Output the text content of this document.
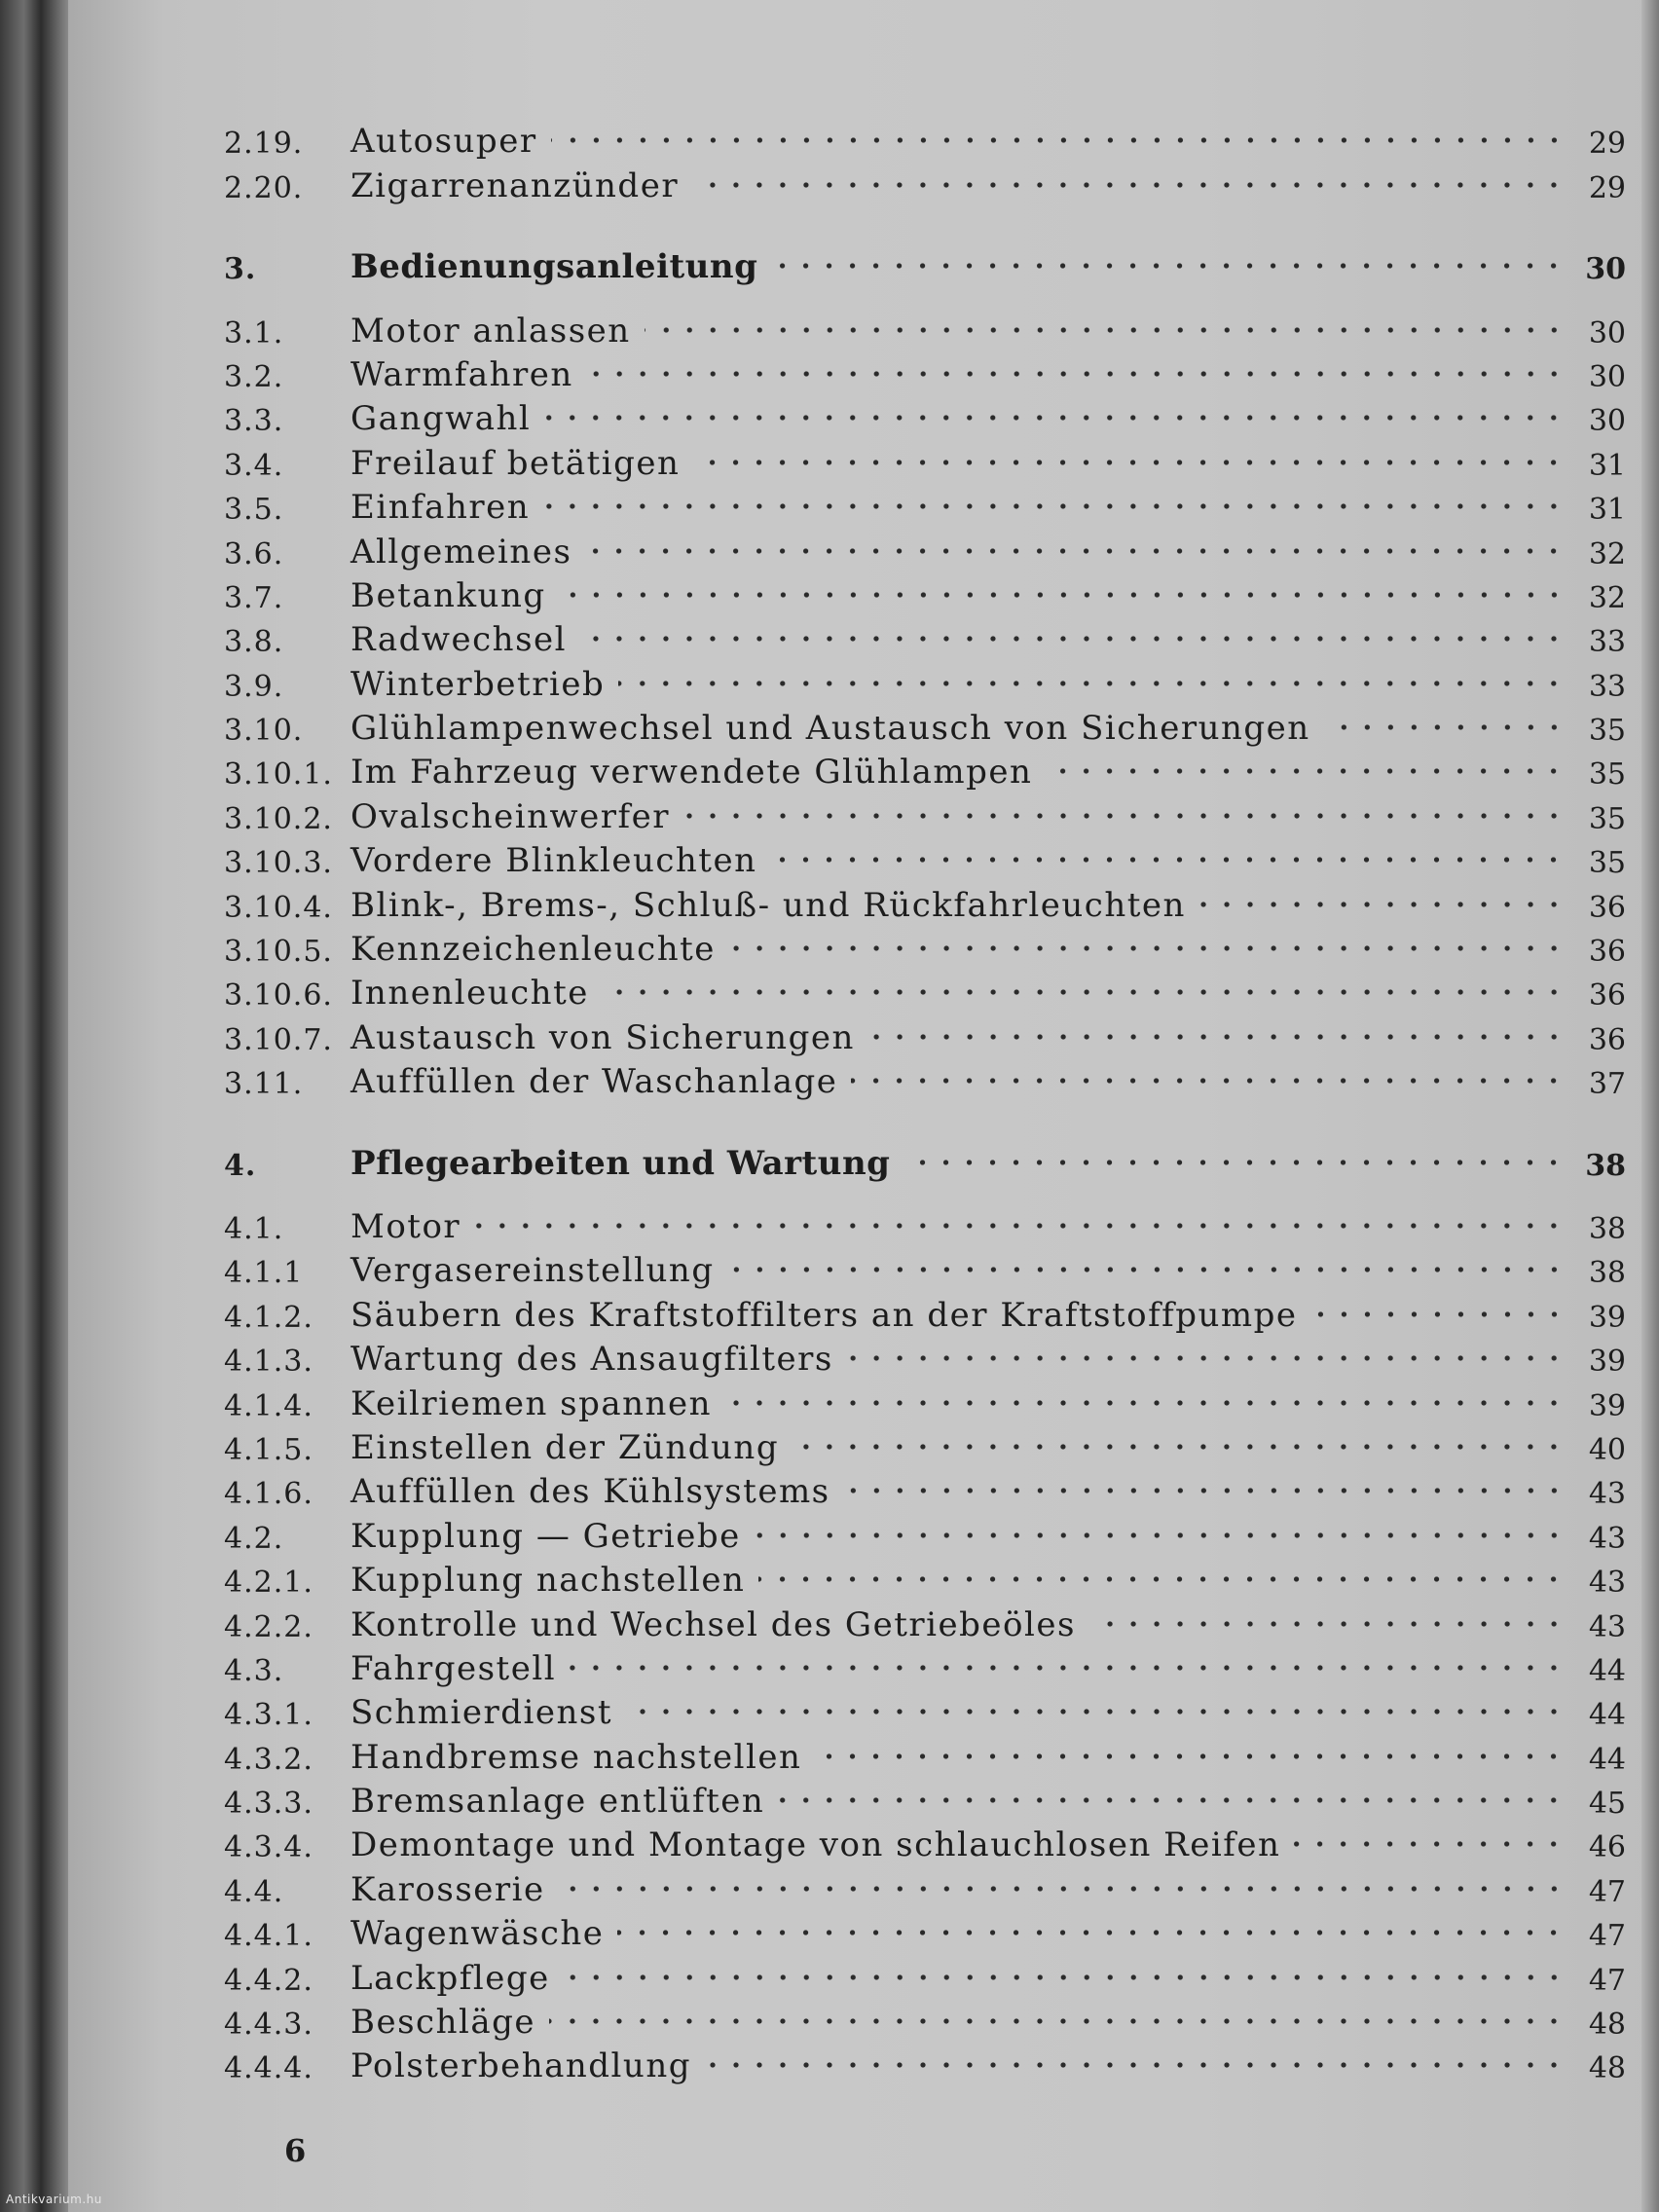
2.19.	Autosuper	29
2.20.	Zigarrenanzünder	29
3.	Bedienungsanleitung	30
3.1.	Motor anlassen	30
3.2.	Warmfahren	30
3.3.	Gangwahl	30
3.4.	Freilauf betätigen	31
3.5.	Einfahren	31
3.6.	Allgemeines	32
3.7.	Betankung	32
3.8.	Radwechsel	33
3.9.	Winterbetrieb	33
3.10.	Glühlampenwechsel und Austausch von Sicherungen	35
3.10.1. Im Fahrzeug verwendete Glühlampen	35
3.10.2. Ovalscheinwerfer	35
3.10.3. Vordere Blinkleuchten	35
3.10.4. Blink-, Brems-, Schluß- und Rückfahrleuchten	36
3.10.5. Kennzeichenleuchte	36
3.10.6. Innenleuchte	36
3.10.7. Austausch von Sicherungen	36
3.11.	Auffüllen der Waschanlage	37
4.	Pflegearbeiten und Wartung	38
4.1.	Motor	38
4.1.1	Vergasereinstellung	38
4.1.2.	Säubern des Kraftstoffilters an der Kraftstoffpumpe	39
4.1.3.	Wartung des Ansaugfilters	39
4.1.4.	Keilriemen spannen	39
4.1.5.	Einstellen der Zündung	40
4.1.6.	Auffüllen des Kühlsystems	43
4.2.	Kupplung — Getriebe	43
4.2.1.	Kupplung nachstellen	43
4.2.2.	Kontrolle und Wechsel des Getriebeöles	43
4.3.	Fahrgestell	44
4.3.1.	Schmierdienst	44
4.3.2.	Handbremse nachstellen	44
4.3.3.	Bremsanlage entlüften	45
4.3.4.	Demontage und Montage von schlauchlosen Reifen	46
4.4.	Karosserie	47
4.4.1.	Wagenwäsche	47
4.4.2.	Lackpflege	47
4.4.3.	Beschläge	48
4.4.4.	Polsterbehandlung	48
6
Antikvarium.hu
